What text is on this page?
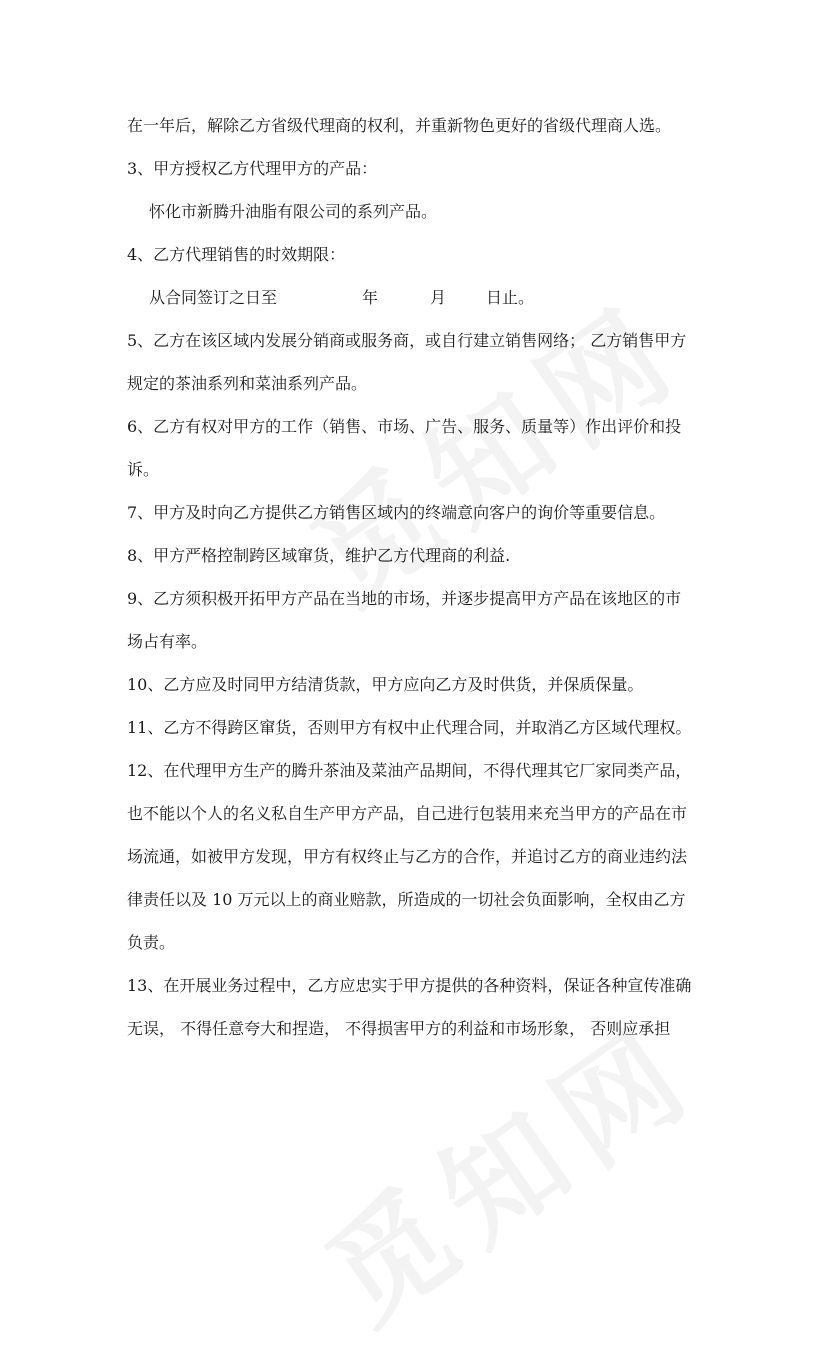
在一年后，解除乙方省级代理商的权利，并重新物色更好的省级代理商人选。
3、甲方授权乙方代理甲方的产品：
怀化市新腾升油脂有限公司的系列产品。
4、乙方代理销售的时效期限：
从合同签订之日至	年	月	日止。
5、乙方在该区域内发展分销商或服务商，或自行建立销售网络； 乙方销售甲方
规定的茶油系列和菜油系列产品。
6、乙方有权对甲方的工作（销售、市场、广告、服务、质量等）作出评价和投
诉。
7、甲方及时向乙方提供乙方销售区域内的终端意向客户的询价等重要信息。
8、甲方严格控制跨区域窜货，维护乙方代理商的利益.
9、乙方须积极开拓甲方产品在当地的市场，并逐步提高甲方产品在该地区的市
场占有率。
10、乙方应及时同甲方结清货款，甲方应向乙方及时供货，并保质保量。
11、乙方不得跨区窜货，否则甲方有权中止代理合同，并取消乙方区域代理权。
12、在代理甲方生产的腾升茶油及菜油产品期间，不得代理其它厂家同类产品，
也不能以个人的名义私自生产甲方产品，自己进行包装用来充当甲方的产品在市
场流通，如被甲方发现，甲方有权终止与乙方的合作，并追讨乙方的商业违约法
律责任以及 10 万元以上的商业赔款，所造成的一切社会负面影响，全权由乙方
负责。
13、在开展业务过程中，乙方应忠实于甲方提供的各种资料，保证各种宣传准确
无误， 不得任意夸大和捏造， 不得损害甲方的利益和市场形象， 否则应承担
